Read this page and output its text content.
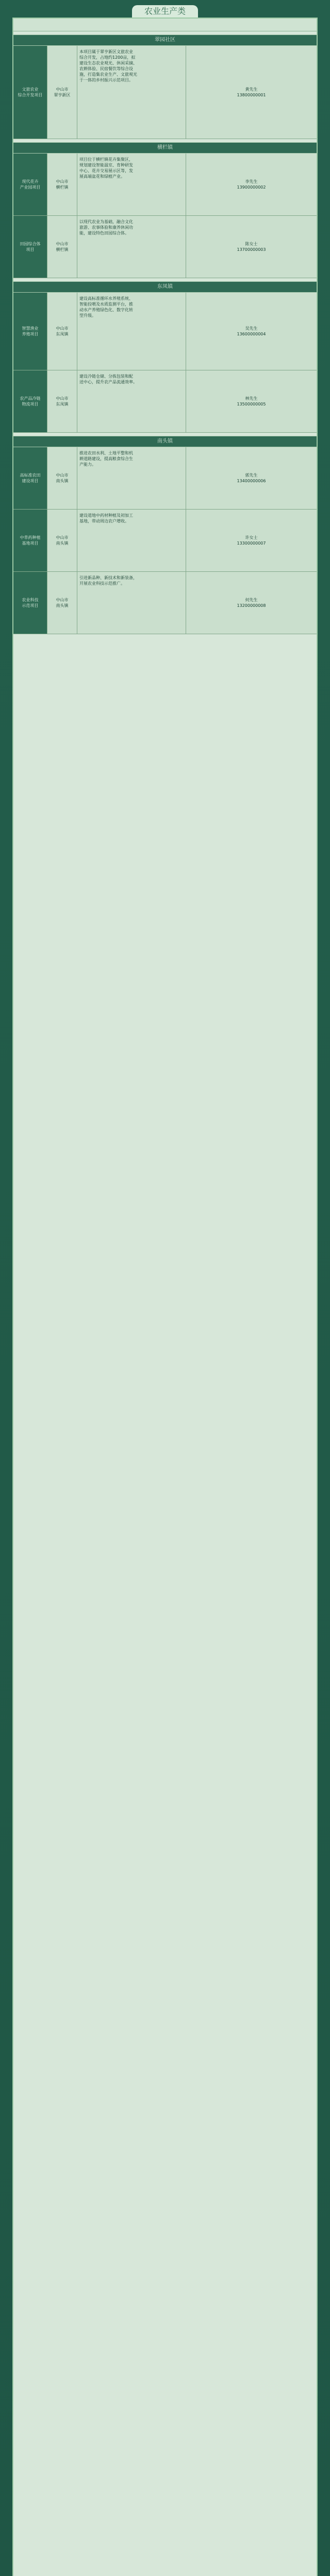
农业生产类
翠园社区
文旅农业
综合开发项目
中山市
翠亨新区
本项目属于翠亨新区文旅农业
综合开发，占地约1200亩，拟
建设生态农业观光、休闲采摘、
农耕体验、民宿餐饮等综合设
施，打造集农业生产、文旅观光
于一体的乡村振兴示范项目。
黄先生
13800000001
横栏镇
现代花卉
产业园项目
中山市
横栏镇
项目位于横栏镇花卉集聚区，
规划建设智能温室、育种研发
中心、花卉交易展示区等，发
展高端盆花和绿植产业。
李先生
13900000002
田园综合体
项目
中山市
横栏镇
以现代农业为基础，融合文化
旅游、农事体验和康养休闲功
能，建设特色田园综合体。
陈女士
13700000003
东凤镇
智慧渔业
养殖项目
中山市
东凤镇
建设高标准循环水养殖系统、
智能投喂及水质监测平台，推
动水产养殖绿色化、数字化转
型升级。
吴先生
13600000004
农产品冷链
物流项目
中山市
东凤镇
建设冷链仓储、分拣包装和配
送中心，提升农产品流通效率。
林先生
13500000005
南头镇
高标准农田
建设项目
中山市
南头镇
推进农田水利、土地平整和机
耕道路建设，提高粮食综合生
产能力。
郭先生
13400000006
中草药种植
基地项目
中山市
南头镇
建设道地中药材种植及初加工
基地，带动周边农户增收。
许女士
13300000007
农业科技
示范项目
中山市
南头镇
引进新品种、新技术和新装备，
开展农业科技示范推广。
何先生
13200000008
